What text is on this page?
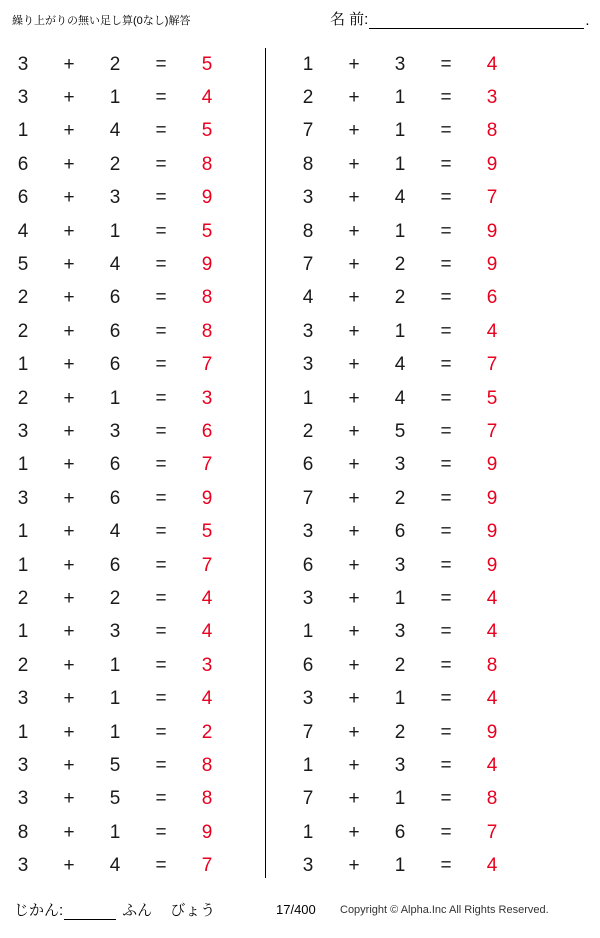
繰り上がりの無い足し算(0なし)解答	名 前:	.
3	+	2	=	5
3	+	1	=	4
1	+	4	=	5
6	+	2	=	8
6	+	3	=	9
4	+	1	=	5
5	+	4	=	9
2	+	6	=	8
2	+	6	=	8
1	+	6	=	7
2	+	1	=	3
3	+	3	=	6
1	+	6	=	7
3	+	6	=	9
1	+	4	=	5
1	+	6	=	7
2	+	2	=	4
1	+	3	=	4
2	+	1	=	3
3	+	1	=	4
1	+	1	=	2
3	+	5	=	8
3	+	5	=	8
8	+	1	=	9
3	+	4	=	7
1	+	3	=	4
2	+	1	=	3
7	+	1	=	8
8	+	1	=	9
3	+	4	=	7
8	+	1	=	9
7	+	2	=	9
4	+	2	=	6
3	+	1	=	4
3	+	4	=	7
1	+	4	=	5
2	+	5	=	7
6	+	3	=	9
7	+	2	=	9
3	+	6	=	9
6	+	3	=	9
3	+	1	=	4
1	+	3	=	4
6	+	2	=	8
3	+	1	=	4
7	+	2	=	9
1	+	3	=	4
7	+	1	=	8
1	+	6	=	7
3	+	1	=	4
じかん:	ふん びょう	17/400 Copyright © Alpha.Inc All Rights Reserved.
